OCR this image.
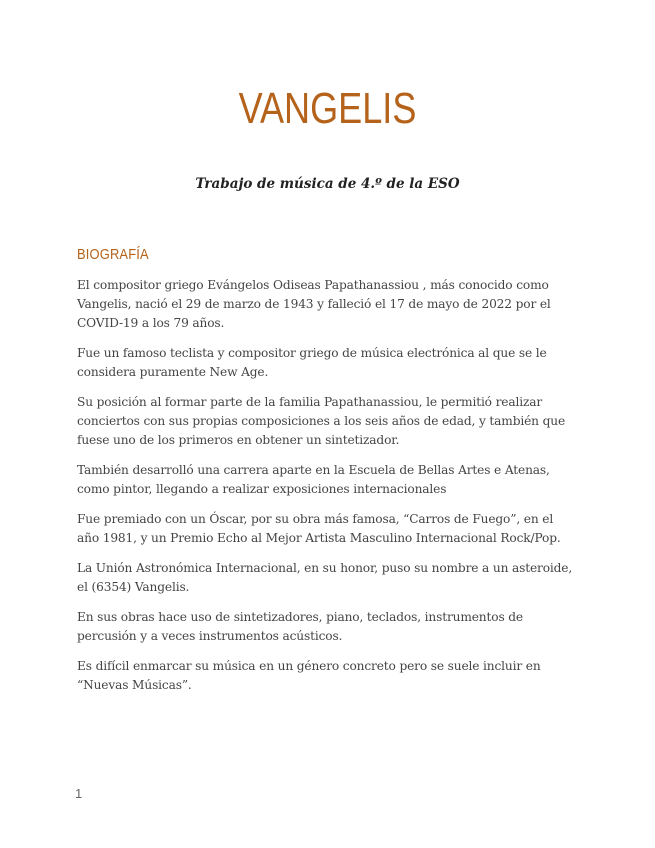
VANGELIS
Trabajo de música de 4.º de la ESO
BIOGRAFÍA

El compositor griego Evángelos Odiseas Papathanassiou , más conocido como Vangelis, nació el 29 de marzo de 1943 y falleció el 17 de mayo de 2022 por el COVID-19 a los 79 años.

Fue un famoso teclista y compositor griego de música electrónica al que se le considera puramente New Age.

Su posición al formar parte de la familia Papathanassiou, le permitió realizar conciertos con sus propias composiciones a los seis años de edad, y también que fuese uno de los primeros en obtener un sintetizador.

También desarrolló una carrera aparte en la Escuela de Bellas Artes e Atenas, como pintor, llegando a realizar exposiciones internacionales

Fue premiado con un Óscar, por su obra más famosa, “Carros de Fuego”, en el año 1981, y un Premio Echo al Mejor Artista Masculino Internacional Rock/Pop.

La Unión Astronómica Internacional, en su honor, puso su nombre a un asteroide, el (6354) Vangelis.

En sus obras hace uso de sintetizadores, piano, teclados, instrumentos de percusión y a veces instrumentos acústicos.

Es difícil enmarcar su música en un género concreto pero se suele incluir en “Nuevas Músicas”.

1
